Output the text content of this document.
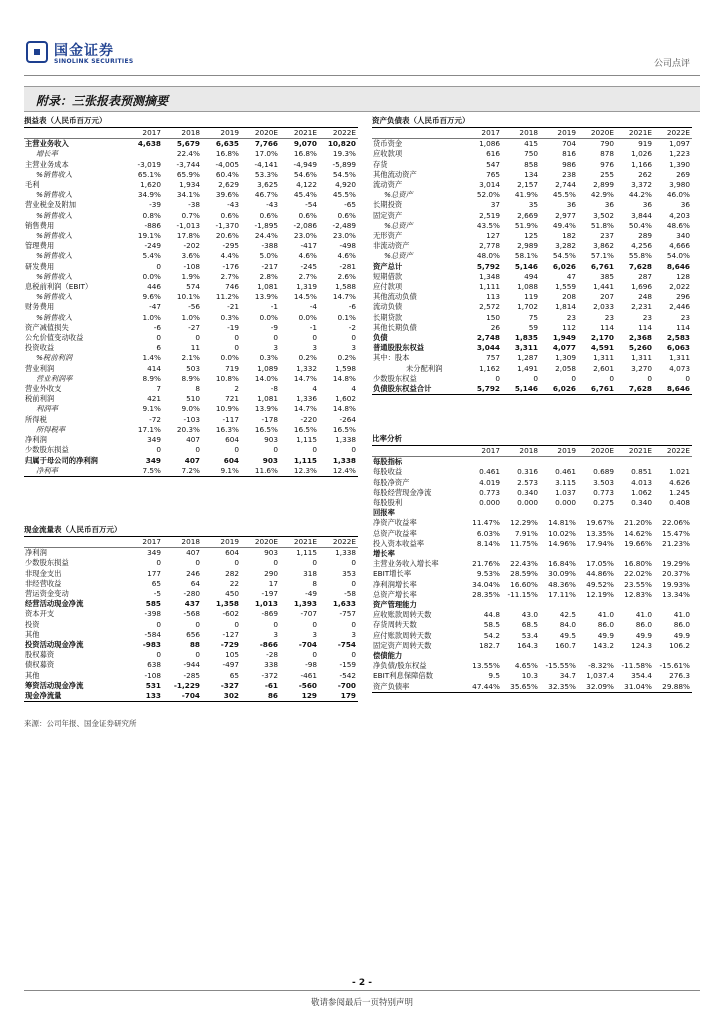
国金证券
SINOLINK SECURITIES	公司点评
附录：三张报表预测摘要
损益表（人民币百万元）
	2017	2018	2019	2020E	2021E	2022E
主营业务收入	4,638	5,679	6,635	7,766	9,070	10,820
增长率		22.4%	16.8%	17.0%	16.8%	19.3%
主营业务成本	-3,019	-3,744	-4,005	-4,141	-4,949	-5,899
%销售收入	65.1%	65.9%	60.4%	53.3%	54.6%	54.5%
毛利	1,620	1,934	2,629	3,625	4,122	4,920
%销售收入	34.9%	34.1%	39.6%	46.7%	45.4%	45.5%
营业税金及附加	-39	-38	-43	-43	-54	-65
%销售收入	0.8%	0.7%	0.6%	0.6%	0.6%	0.6%
销售费用	-886	-1,013	-1,370	-1,895	-2,086	-2,489
%销售收入	19.1%	17.8%	20.6%	24.4%	23.0%	23.0%
管理费用	-249	-202	-295	-388	-417	-498
%销售收入	5.4%	3.6%	4.4%	5.0%	4.6%	4.6%
研发费用	0	-108	-176	-217	-245	-281
%销售收入	0.0%	1.9%	2.7%	2.8%	2.7%	2.6%
息税前利润（EBIT）	446	574	746	1,081	1,319	1,588
%销售收入	9.6%	10.1%	11.2%	13.9%	14.5%	14.7%
财务费用	-47	-56	-21	-1	-4	-6
%销售收入	1.0%	1.0%	0.3%	0.0%	0.0%	0.1%
资产减值损失	-6	-27	-19	-9	-1	-2
公允价值变动收益	0	0	0	0	0	0
投资收益	6	11	0	3	3	3
%税前利润	1.4%	2.1%	0.0%	0.3%	0.2%	0.2%
营业利润	414	503	719	1,089	1,332	1,598
营业利润率	8.9%	8.9%	10.8%	14.0%	14.7%	14.8%
营业外收支	7	8	2	-8	4	4
税前利润	421	510	721	1,081	1,336	1,602
利润率	9.1%	9.0%	10.9%	13.9%	14.7%	14.8%
所得税	-72	-103	-117	-178	-220	-264
所得税率	17.1%	20.3%	16.3%	16.5%	16.5%	16.5%
净利润	349	407	604	903	1,115	1,338
少数股东损益	0	0	0	0	0	0
归属于母公司的净利润	349	407	604	903	1,115	1,338
净利率	7.5%	7.2%	9.1%	11.6%	12.3%	12.4%
现金流量表（人民币百万元）
	2017	2018	2019	2020E	2021E	2022E
净利润	349	407	604	903	1,115	1,338
少数股东损益	0	0	0	0	0	0
非现金支出	177	246	282	290	318	353
非经营收益	65	64	22	17	8	0
营运资金变动	-5	-280	450	-197	-49	-58
经营活动现金净流	585	437	1,358	1,013	1,393	1,633
资本开支	-398	-568	-602	-869	-707	-757
投资	0	0	0	0	0	0
其他	-584	656	-127	3	3	3
投资活动现金净流	-983	88	-729	-866	-704	-754
股权募资	0	0	105	-28	0	0
债权募资	638	-944	-497	338	-98	-159
其他	-108	-285	65	-372	-461	-542
筹资活动现金净流	531	-1,229	-327	-61	-560	-700
现金净流量	133	-704	302	86	129	179
资产负债表（人民币百万元）
	2017	2018	2019	2020E	2021E	2022E
货币资金	1,086	415	704	790	919	1,097
应收款项	616	750	816	878	1,026	1,223
存货	547	858	986	976	1,166	1,390
其他流动资产	765	134	238	255	262	269
流动资产	3,014	2,157	2,744	2,899	3,372	3,980
%总资产	52.0%	41.9%	45.5%	42.9%	44.2%	46.0%
长期投资	37	35	36	36	36	36
固定资产	2,519	2,669	2,977	3,502	3,844	4,203
%总资产	43.5%	51.9%	49.4%	51.8%	50.4%	48.6%
无形资产	127	125	182	237	289	340
非流动资产	2,778	2,989	3,282	3,862	4,256	4,666
%总资产	48.0%	58.1%	54.5%	57.1%	55.8%	54.0%
资产总计	5,792	5,146	6,026	6,761	7,628	8,646
短期借款	1,348	494	47	385	287	128
应付款项	1,111	1,088	1,559	1,441	1,696	2,022
其他流动负债	113	119	208	207	248	296
流动负债	2,572	1,702	1,814	2,033	2,231	2,446
长期贷款	150	75	23	23	23	23
其他长期负债	26	59	112	114	114	114
负债	2,748	1,835	1,949	2,170	2,368	2,583
普通股股东权益	3,044	3,311	4,077	4,591	5,260	6,063
其中：股本	757	1,287	1,309	1,311	1,311	1,311
未分配利润	1,162	1,491	2,058	2,601	3,270	4,073
少数股东权益	0	0	0	0	0	0
负债股东权益合计	5,792	5,146	6,026	6,761	7,628	8,646
比率分析
	2017	2018	2019	2020E	2021E	2022E
每股指标						
每股收益	0.461	0.316	0.461	0.689	0.851	1.021
每股净资产	4.019	2.573	3.115	3.503	4.013	4.626
每股经营现金净流	0.773	0.340	1.037	0.773	1.062	1.245
每股股利	0.000	0.000	0.000	0.275	0.340	0.408
回报率						
净资产收益率	11.47%	12.29%	14.81%	19.67%	21.20%	22.06%
总资产收益率	6.03%	7.91%	10.02%	13.35%	14.62%	15.47%
投入资本收益率	8.14%	11.75%	14.96%	17.94%	19.66%	21.23%
增长率						
主营业务收入增长率	21.76%	22.43%	16.84%	17.05%	16.80%	19.29%
EBIT增长率	9.53%	28.59%	30.09%	44.86%	22.02%	20.37%
净利润增长率	34.04%	16.60%	48.36%	49.52%	23.55%	19.93%
总资产增长率	28.35%	-11.15%	17.11%	12.19%	12.83%	13.34%
资产管理能力						
应收账款周转天数	44.8	43.0	42.5	41.0	41.0	41.0
存货周转天数	58.5	68.5	84.0	86.0	86.0	86.0
应付账款周转天数	54.2	53.4	49.5	49.9	49.9	49.9
固定资产周转天数	182.7	164.3	160.7	143.2	124.3	106.2
偿债能力						
净负债/股东权益	13.55%	4.65%	-15.55%	-8.32%	-11.58%	-15.61%
EBIT利息保障倍数	9.5	10.3	34.7	1,037.4	354.4	276.3
资产负债率	47.44%	35.65%	32.35%	32.09%	31.04%	29.88%
来源：公司年报、国金证券研究所
- 2 -
敬请参阅最后一页特别声明
